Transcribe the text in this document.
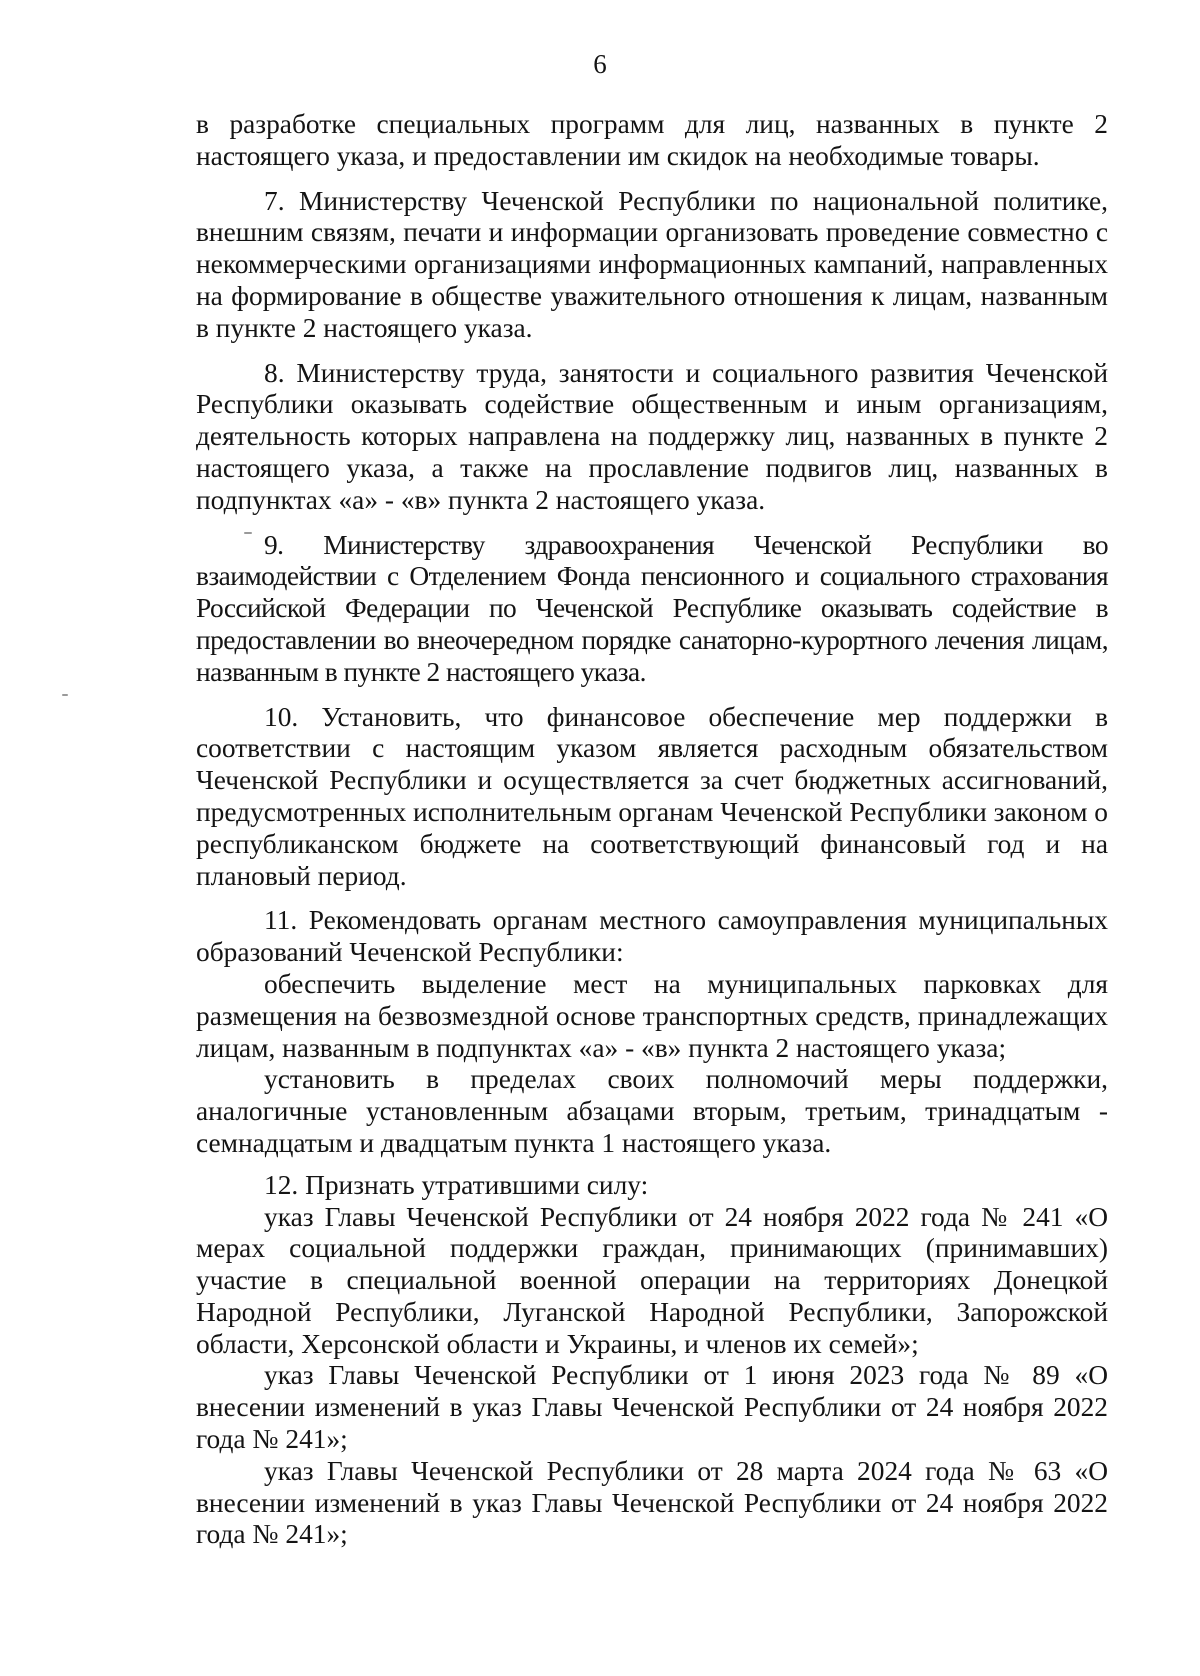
6

в разработке специальных программ для лиц, названных в пункте 2 настоящего указа, и предоставлении им скидок на необходимые товары.

7. Министерству Чеченской Республики по национальной политике, внешним связям, печати и информации организовать проведение совместно с некоммерческими организациями информационных кампаний, направленных на формирование в обществе уважительного отношения к лицам, названным в пункте 2 настоящего указа.

8. Министерству труда, занятости и социального развития Чеченской Республики оказывать содействие общественным и иным организациям, деятельность которых направлена на поддержку лиц, названных в пункте 2 настоящего указа, а также на прославление подвигов лиц, названных в подпунктах «а» - «в» пункта 2 настоящего указа.

9. Министерству здравоохранения Чеченской Республики во взаимодействии с Отделением Фонда пенсионного и социального страхования Российской Федерации по Чеченской Республике оказывать содействие в предоставлении во внеочередном порядке санаторно-курортного лечения лицам, названным в пункте 2 настоящего указа.

10. Установить, что финансовое обеспечение мер поддержки в соответствии с настоящим указом является расходным обязательством Чеченской Республики и осуществляется за счет бюджетных ассигнований, предусмотренных исполнительным органам Чеченской Республики законом о республиканском бюджете на соответствующий финансовый год и на плановый период.

11. Рекомендовать органам местного самоуправления муниципальных образований Чеченской Республики:

обеспечить выделение мест на муниципальных парковках для размещения на безвозмездной основе транспортных средств, принадлежащих лицам, названным в подпунктах «а» - «в» пункта 2 настоящего указа;

установить в пределах своих полномочий меры поддержки, аналогичные установленным абзацами вторым, третьим, тринадцатым - семнадцатым и двадцатым пункта 1 настоящего указа.

12. Признать утратившими силу:

указ Главы Чеченской Республики от 24 ноября 2022 года № 241 «О мерах социальной поддержки граждан, принимающих (принимавших) участие в специальной военной операции на территориях Донецкой Народной Республики, Луганской Народной Республики, Запорожской области, Херсонской области и Украины, и членов их семей»;

указ Главы Чеченской Республики от 1 июня 2023 года № 89 «О внесении изменений в указ Главы Чеченской Республики от 24 ноября 2022 года № 241»;

указ Главы Чеченской Республики от 28 марта 2024 года № 63 «О внесении изменений в указ Главы Чеченской Республики от 24 ноября 2022 года № 241»;
